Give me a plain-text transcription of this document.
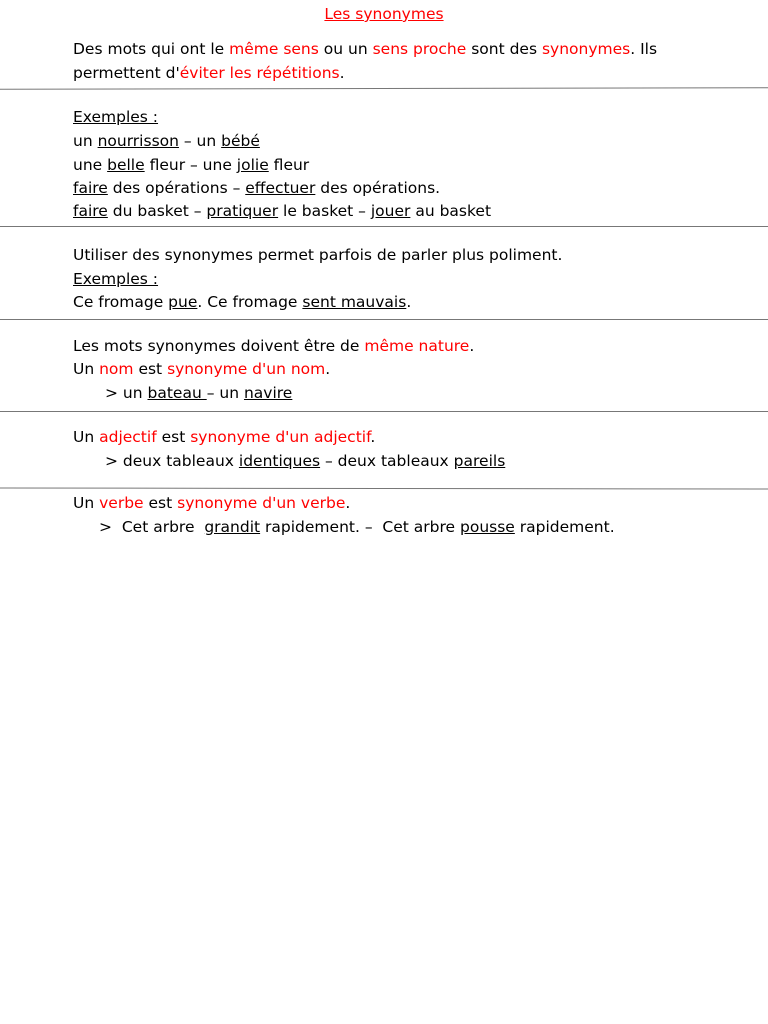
Les synonymes
Des mots qui ont le même sens ou un sens proche sont des synonymes. Ils
permettent d'éviter les répétitions.
Exemples :
un nourrisson – un bébé
une belle fleur – une jolie fleur
faire des opérations – effectuer des opérations.
faire du basket – pratiquer le basket – jouer au basket
Utiliser des synonymes permet parfois de parler plus poliment.
Exemples :
Ce fromage pue. Ce fromage sent mauvais.
Les mots synonymes doivent être de même nature.
Un nom est synonyme d'un nom.
> un bateau – un navire
Un adjectif est synonyme d'un adjectif.
> deux tableaux identiques – deux tableaux pareils
Un verbe est synonyme d'un verbe.
>  Cet arbre  grandit rapidement. –  Cet arbre pousse rapidement.
